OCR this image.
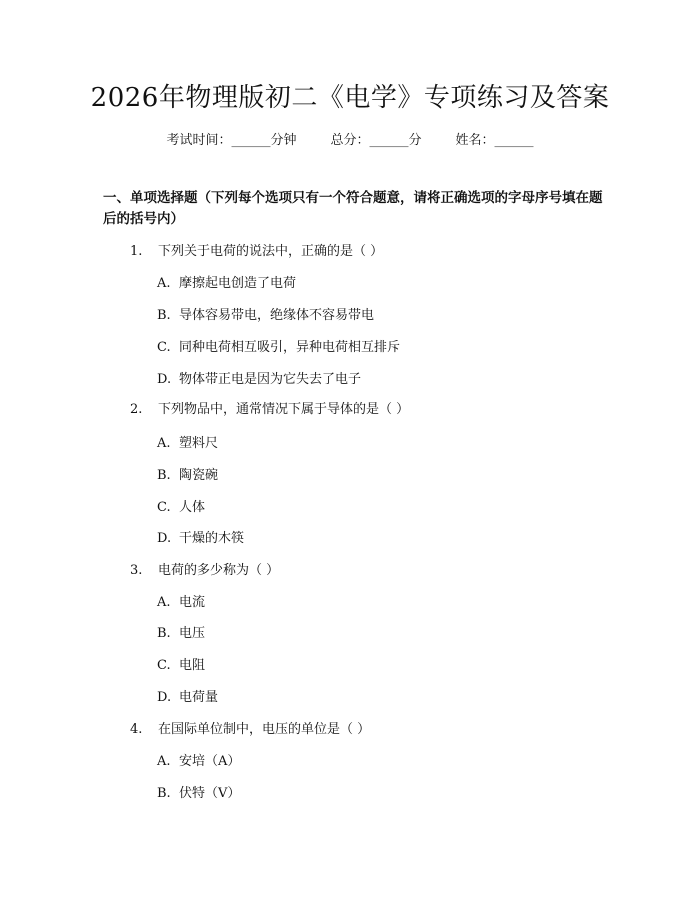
2026年物理版初二《电学》专项练习及答案
考试时间：______分钟	总分：______分	姓名：______
一、单项选择题（下列每个选项只有一个符合题意，请将正确选项的字母序号填在题后的括号内）
1. 下列关于电荷的说法中，正确的是（ ）
A. 摩擦起电创造了电荷
B. 导体容易带电，绝缘体不容易带电
C. 同种电荷相互吸引，异种电荷相互排斥
D. 物体带正电是因为它失去了电子
2. 下列物品中，通常情况下属于导体的是（ ）
A. 塑料尺
B. 陶瓷碗
C. 人体
D. 干燥的木筷
3. 电荷的多少称为（ ）
A. 电流
B. 电压
C. 电阻
D. 电荷量
4. 在国际单位制中，电压的单位是（ ）
A. 安培（A）
B. 伏特（V）
